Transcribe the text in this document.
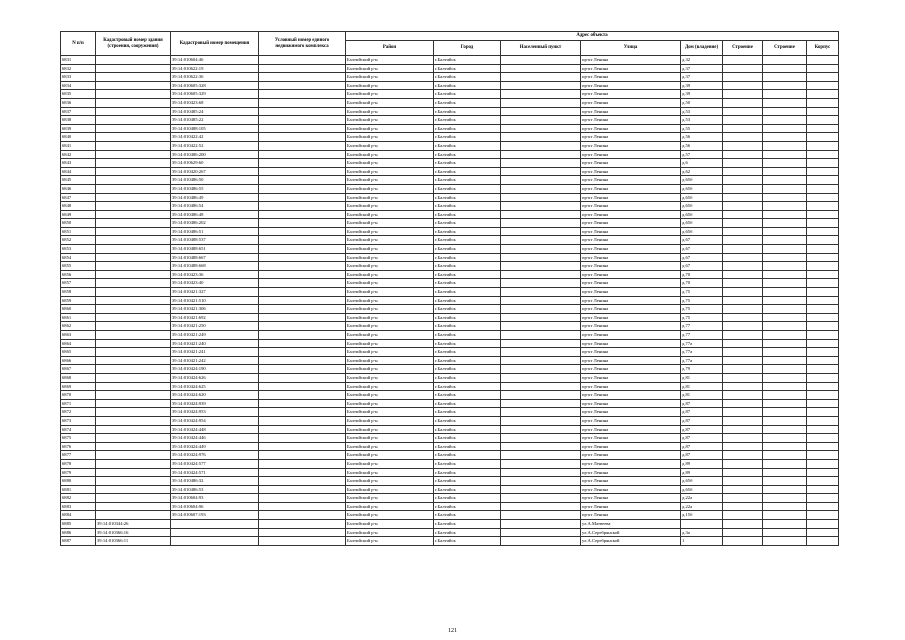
N п/п	Кадастровый номер здания (строения, сооружения)	Кадастровый номер помещения	Условный номер единого недвижимого комплекса	Адрес объекта							
				Район	Город	Населенный пункт	Улица	Дом (владение)	Строение	Строение	Корпус
6831		39:14:010604:46		Балтийский р-н	г.Балтийск		пр-кт Ленина	д.32			
6832		39:14:010622:19		Балтийский р-н	г.Балтийск		пр-кт Ленина	д.37			
6833		39:14:010622:36		Балтийский р-н	г.Балтийск		пр-кт Ленина	д.37			
6834		39:14:010605:328		Балтийский р-н	г.Балтийск		пр-кт Ленина	д.39			
6835		39:14:010605:329		Балтийский р-н	г.Балтийск		пр-кт Ленина	д.39			
6836		39:14:010423:68		Балтийский р-н	г.Балтийск		пр-кт Ленина	д.50			
6837		39:14:010485:24		Балтийский р-н	г.Балтийск		пр-кт Ленина	д.53			
6838		39:14:010485:22		Балтийский р-н	г.Балтийск		пр-кт Ленина	д.53			
6839		39:14:010488:105		Балтийский р-н	г.Балтийск		пр-кт Ленина	д.55			
6840		39:14:010422:42		Балтийский р-н	г.Балтийск		пр-кт Ленина	д.56			
6841		39:14:010422:52		Балтийский р-н	г.Балтийск		пр-кт Ленина	д.56			
6842		39:14:010486:200		Балтийский р-н	г.Балтийск		пр-кт Ленина	д.57			
6843		39:14:010629:60		Балтийский р-н	г.Балтийск		пр-кт Ленина	д.6			
6844		39:14:010420:267		Балтийский р-н	г.Балтийск		пр-кт Ленина	д.62			
6845		39:14:010486:50		Балтийский р-н	г.Балтийск		пр-кт Ленина	д.65б			
6846		39:14:010486:55		Балтийский р-н	г.Балтийск		пр-кт Ленина	д.65б			
6847		39:14:010486:49		Балтийский р-н	г.Балтийск		пр-кт Ленина	д.65б			
6848		39:14:010486:54		Балтийский р-н	г.Балтийск		пр-кт Ленина	д.65б			
6849		39:14:010486:48		Балтийский р-н	г.Балтийск		пр-кт Ленина	д.65б			
6850		39:14:010486:202		Балтийский р-н	г.Балтийск		пр-кт Ленина	д.65б			
6851		39:14:010486:51		Балтийский р-н	г.Балтийск		пр-кт Ленина	д.65б			
6852		39:14:010488:537		Балтийский р-н	г.Балтийск		пр-кт Ленина	д.67			
6853		39:14:010488:651		Балтийский р-н	г.Балтийск		пр-кт Ленина	д.67			
6854		39:14:010488:667		Балтийский р-н	г.Балтийск		пр-кт Ленина	д.67			
6855		39:14:010488:668		Балтийский р-н	г.Балтийск		пр-кт Ленина	д.67			
6856		39:14:010423:36		Балтийский р-н	г.Балтийск		пр-кт Ленина	д.70			
6857		39:14:010423:40		Балтийский р-н	г.Балтийск		пр-кт Ленина	д.70			
6858		39:14:010421:327		Балтийский р-н	г.Балтийск		пр-кт Ленина	д.75			
6859		39:14:010421:510		Балтийский р-н	г.Балтийск		пр-кт Ленина	д.75			
6860		39:14:010421:306		Балтийский р-н	г.Балтийск		пр-кт Ленина	д.75			
6861		39:14:010421:692		Балтийский р-н	г.Балтийск		пр-кт Ленина	д.75			
6862		39:14:010421:250		Балтийский р-н	г.Балтийск		пр-кт Ленина	д.77			
6863		39:14:010421:249		Балтийский р-н	г.Балтийск		пр-кт Ленина	д.77			
6864		39:14:010421:240		Балтийский р-н	г.Балтийск		пр-кт Ленина	д.77а			
6865		39:14:010421:241		Балтийский р-н	г.Балтийск		пр-кт Ленина	д.77а			
6866		39:14:010421:242		Балтийский р-н	г.Балтийск		пр-кт Ленина	д.77а			
6867		39:14:010424:190		Балтийский р-н	г.Балтийск		пр-кт Ленина	д.79			
6868		39:14:010424:626		Балтийский р-н	г.Балтийск		пр-кт Ленина	д.81			
6869		39:14:010424:625		Балтийский р-н	г.Балтийск		пр-кт Ленина	д.81			
6870		39:14:010424:620		Балтийский р-н	г.Балтийск		пр-кт Ленина	д.81			
6871		39:14:010424:939		Балтийский р-н	г.Балтийск		пр-кт Ленина	д.87			
6872		39:14:010424:953		Балтийский р-н	г.Балтийск		пр-кт Ленина	д.87			
6873		39:14:010424:954		Балтийский р-н	г.Балтийск		пр-кт Ленина	д.87			
6874		39:14:010424:448		Балтийский р-н	г.Балтийск		пр-кт Ленина	д.87			
6875		39:14:010424:446		Балтийский р-н	г.Балтийск		пр-кт Ленина	д.87			
6876		39:14:010424:449		Балтийский р-н	г.Балтийск		пр-кт Ленина	д.87			
6877		39:14:010424:976		Балтийский р-н	г.Балтийск		пр-кт Ленина	д.87			
6878		39:14:010424:577		Балтийский р-н	г.Балтийск		пр-кт Ленина	д.89			
6879		39:14:010424:571		Балтийский р-н	г.Балтийск		пр-кт Ленина	д.89			
6880		39:14:010486:32		Балтийский р-н	г.Балтийск		пр-кт Ленина	д.65б			
6881		39:14:010486:53		Балтийский р-н	г.Балтийск		пр-кт Ленина	д.65б			
6882		39:14:010604:93		Балтийский р-н	г.Балтийск		пр-кт Ленина	д.22а			
6883		39:14:010604:96		Балтийский р-н	г.Балтийск		пр-кт Ленина	д.22а			
6884		39:14:010607:193		Балтийский р-н	г.Балтийск		пр-кт Ленина	д.15б			
6885	39:14:010344:26			Балтийский р-н	г.Балтийск		ул.А.Матвеева				
6886	39:14:010366:16			Балтийский р-н	г.Балтийск		ул.А.Серебрянской	д.3а			
6887	39:14:010366:11			Балтийский р-н	г.Балтийск		ул.А.Серебрянской	1			
121
